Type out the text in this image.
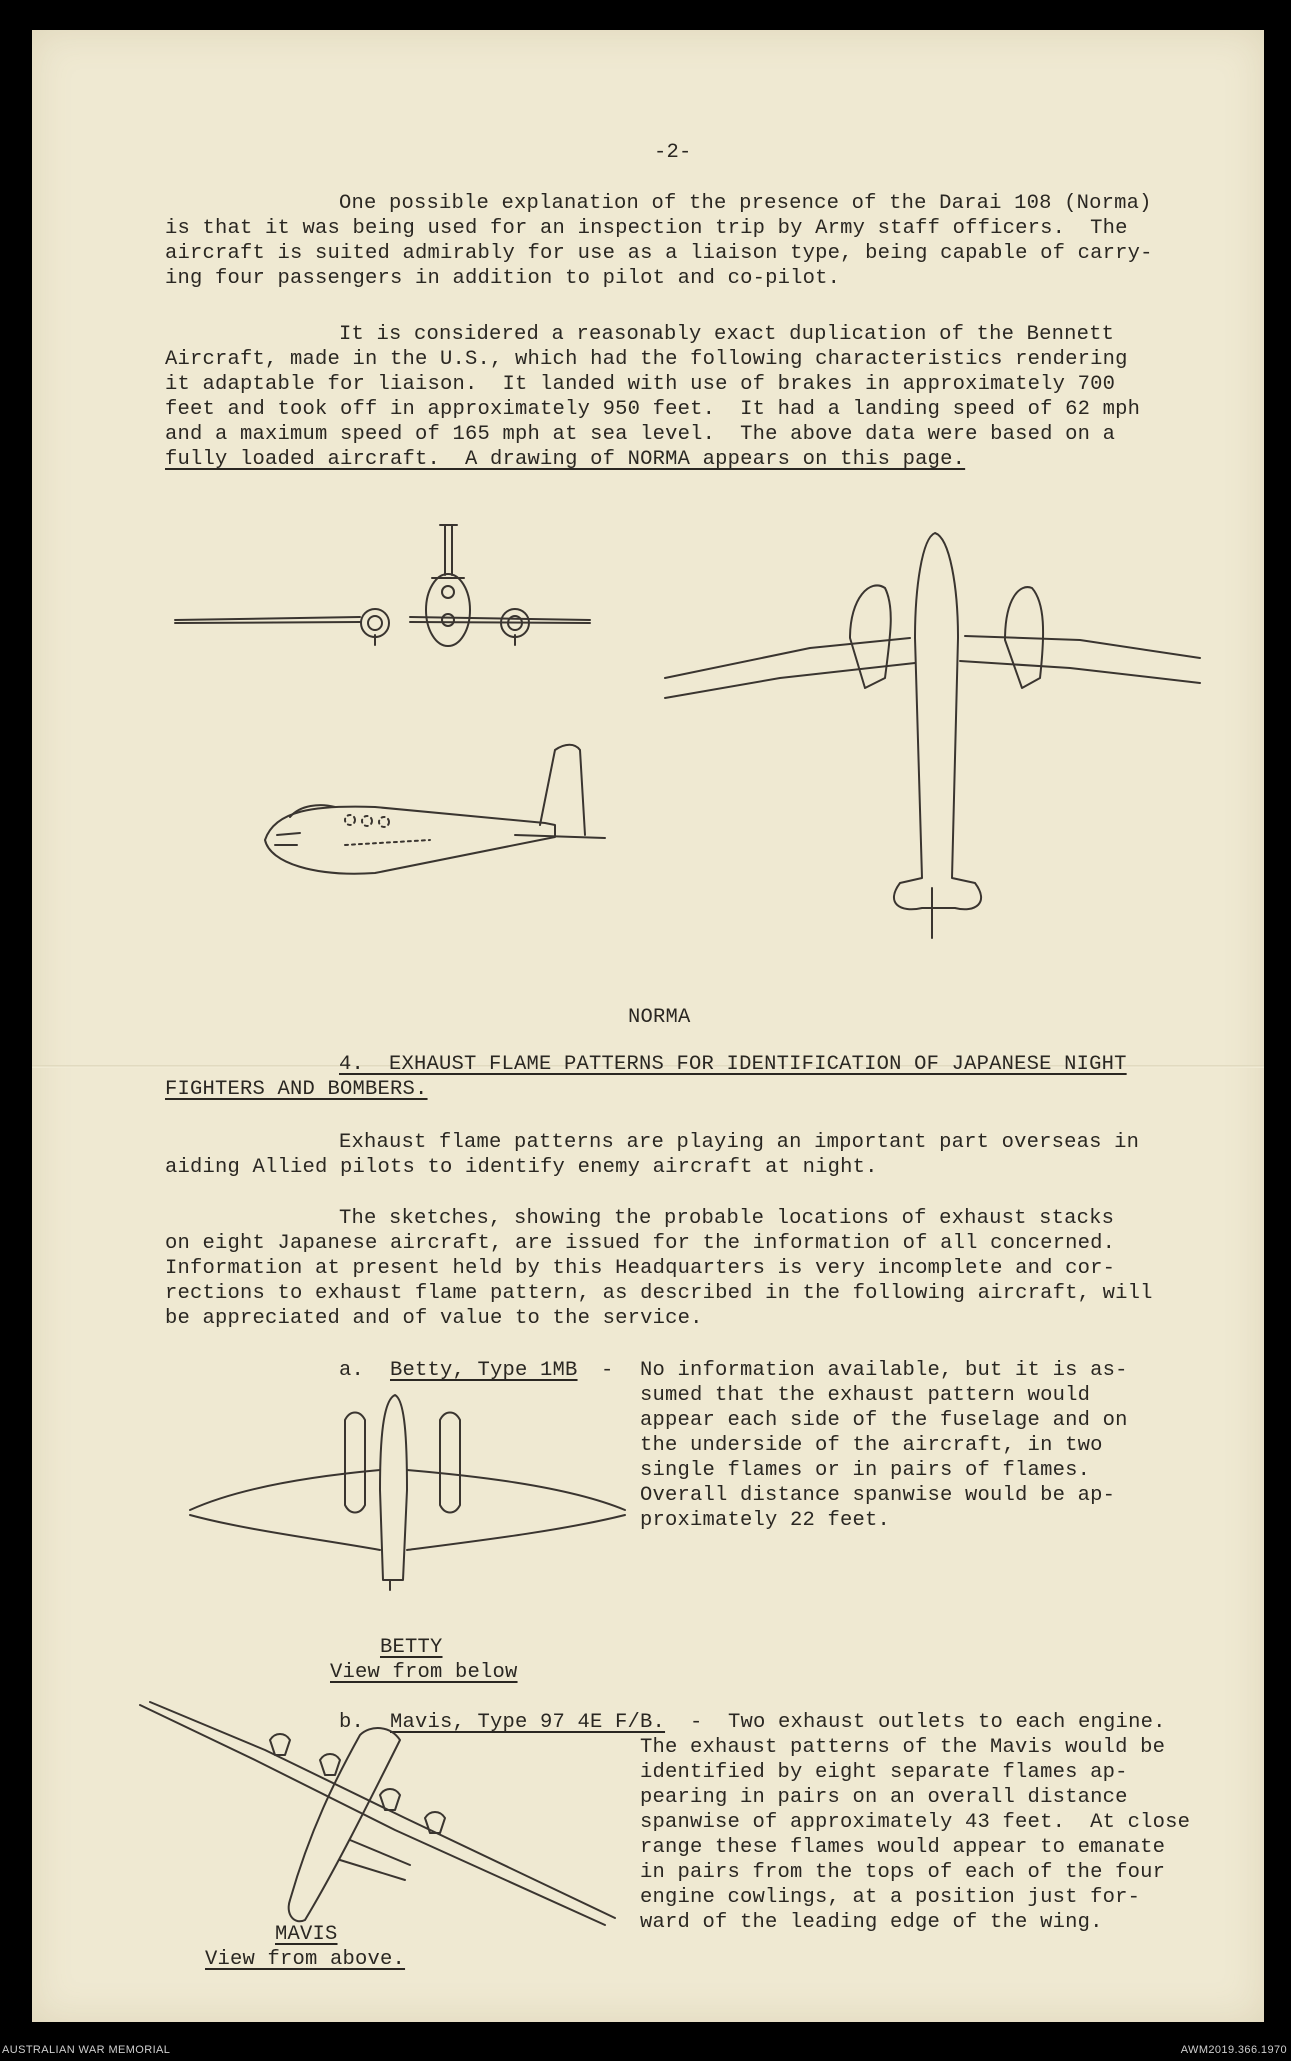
-2-
One possible explanation of the presence of the Darai 108 (Norma)
is that it was being used for an inspection trip by Army staff officers.  The
aircraft is suited admirably for use as a liaison type, being capable of carry-
ing four passengers in addition to pilot and co-pilot.
It is considered a reasonably exact duplication of the Bennett
Aircraft, made in the U.S., which had the following characteristics rendering
it adaptable for liaison.  It landed with use of brakes in approximately 700
feet and took off in approximately 950 feet.  It had a landing speed of 62 mph
and a maximum speed of 165 mph at sea level.  The above data were based on a
fully loaded aircraft.  A drawing of NORMA appears on this page.
NORMA
4.  EXHAUST FLAME PATTERNS FOR IDENTIFICATION OF JAPANESE NIGHT
FIGHTERS AND BOMBERS.
Exhaust flame patterns are playing an important part overseas in
aiding Allied pilots to identify enemy aircraft at night.
The sketches, showing the probable locations of exhaust stacks
on eight Japanese aircraft, are issued for the information of all concerned.
Information at present held by this Headquarters is very incomplete and cor-
rections to exhaust flame pattern, as described in the following aircraft, will
be appreciated and of value to the service.
a. Betty, Type 1MB - No information available, but it is as-
sumed that the exhaust pattern would
appear each side of the fuselage and on
the underside of the aircraft, in two
single flames or in pairs of flames.
Overall distance spanwise would be ap-
proximately 22 feet.
BETTY
View from below
b. Mavis, Type 97 4E F/B. - Two exhaust outlets to each engine.
The exhaust patterns of the Mavis would be
identified by eight separate flames ap-
pearing in pairs on an overall distance
spanwise of approximately 43 feet.  At close
range these flames would appear to emanate
in pairs from the tops of each of the four
engine cowlings, at a position just for-
ward of the leading edge of the wing.
MAVIS
View from above.
AUSTRALIAN WAR MEMORIAL	AWM2019.366.1970
